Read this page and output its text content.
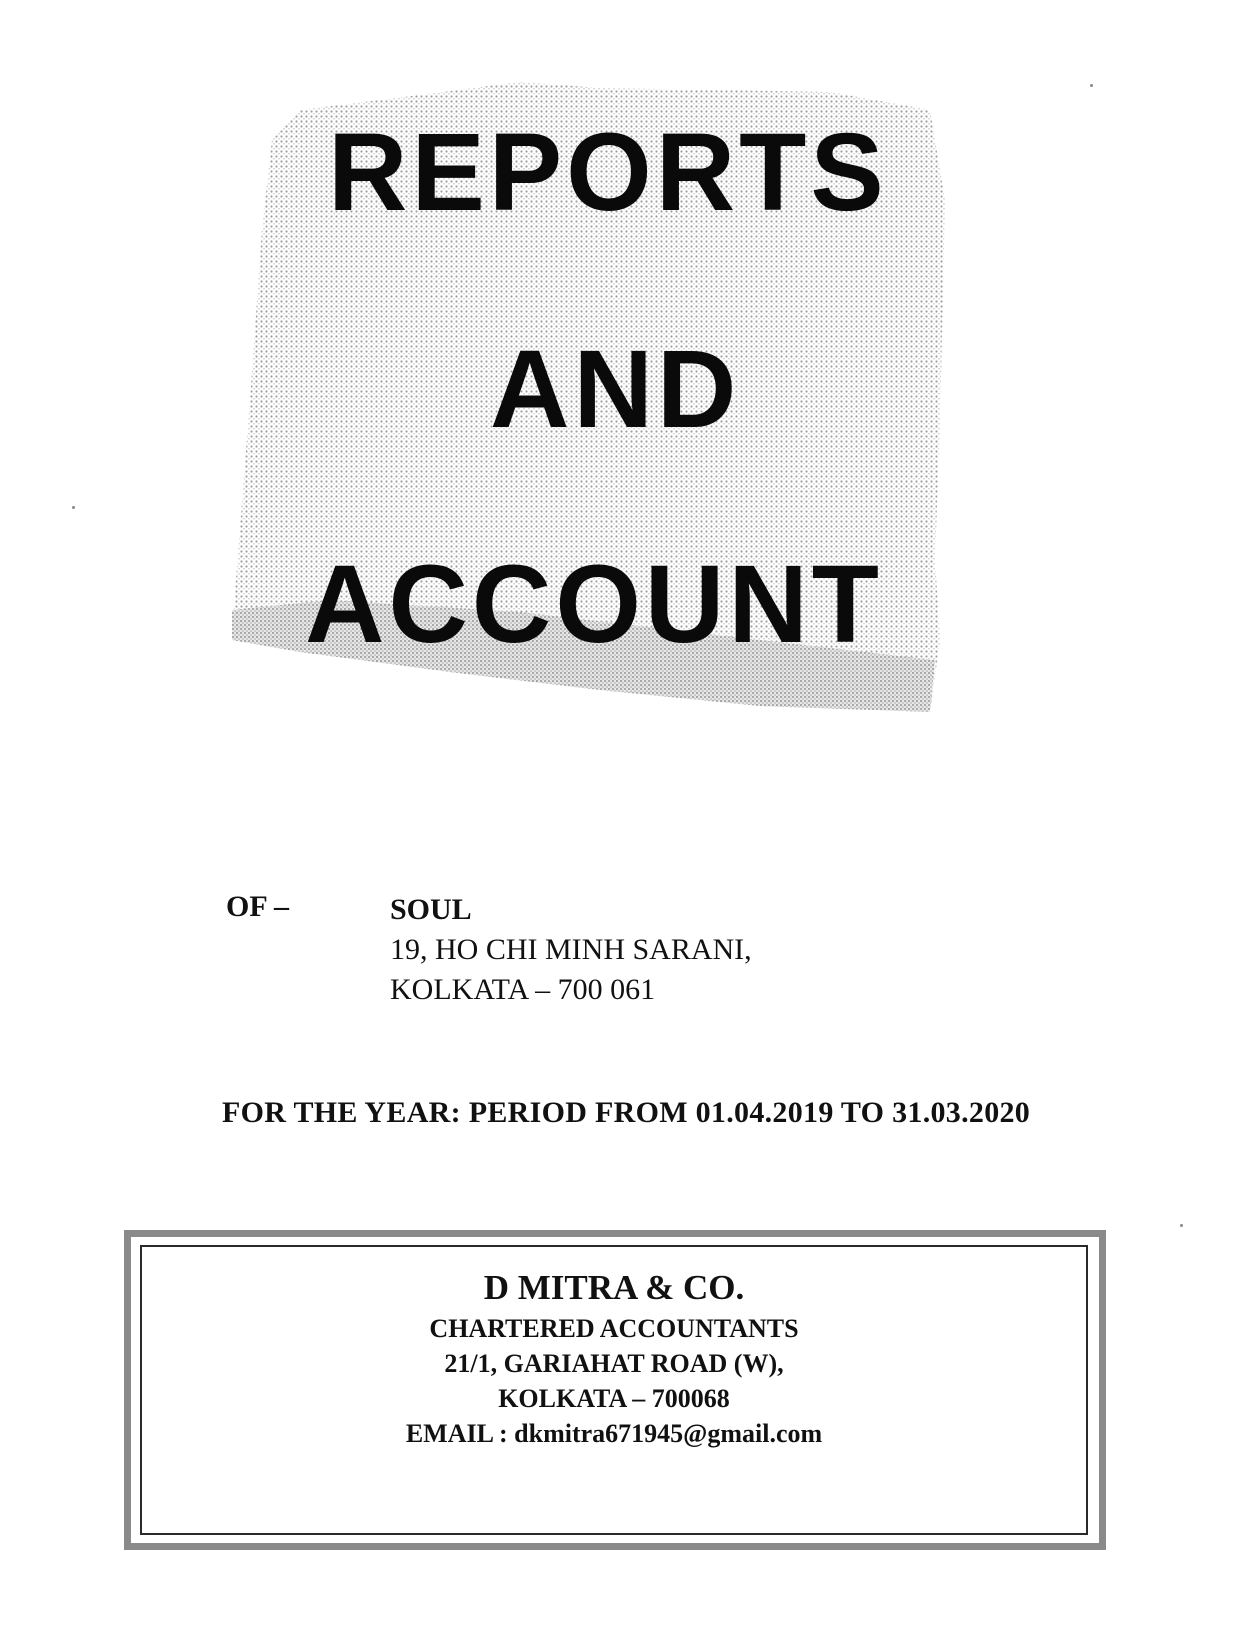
REPORTS
AND
ACCOUNT
OF –	SOUL
19, HO CHI MINH SARANI,
KOLKATA – 700 061
FOR THE YEAR: PERIOD FROM 01.04.2019 TO 31.03.2020
D MITRA & CO.
CHARTERED ACCOUNTANTS
21/1, GARIAHAT ROAD (W),
KOLKATA – 700068
EMAIL : dkmitra671945@gmail.com
